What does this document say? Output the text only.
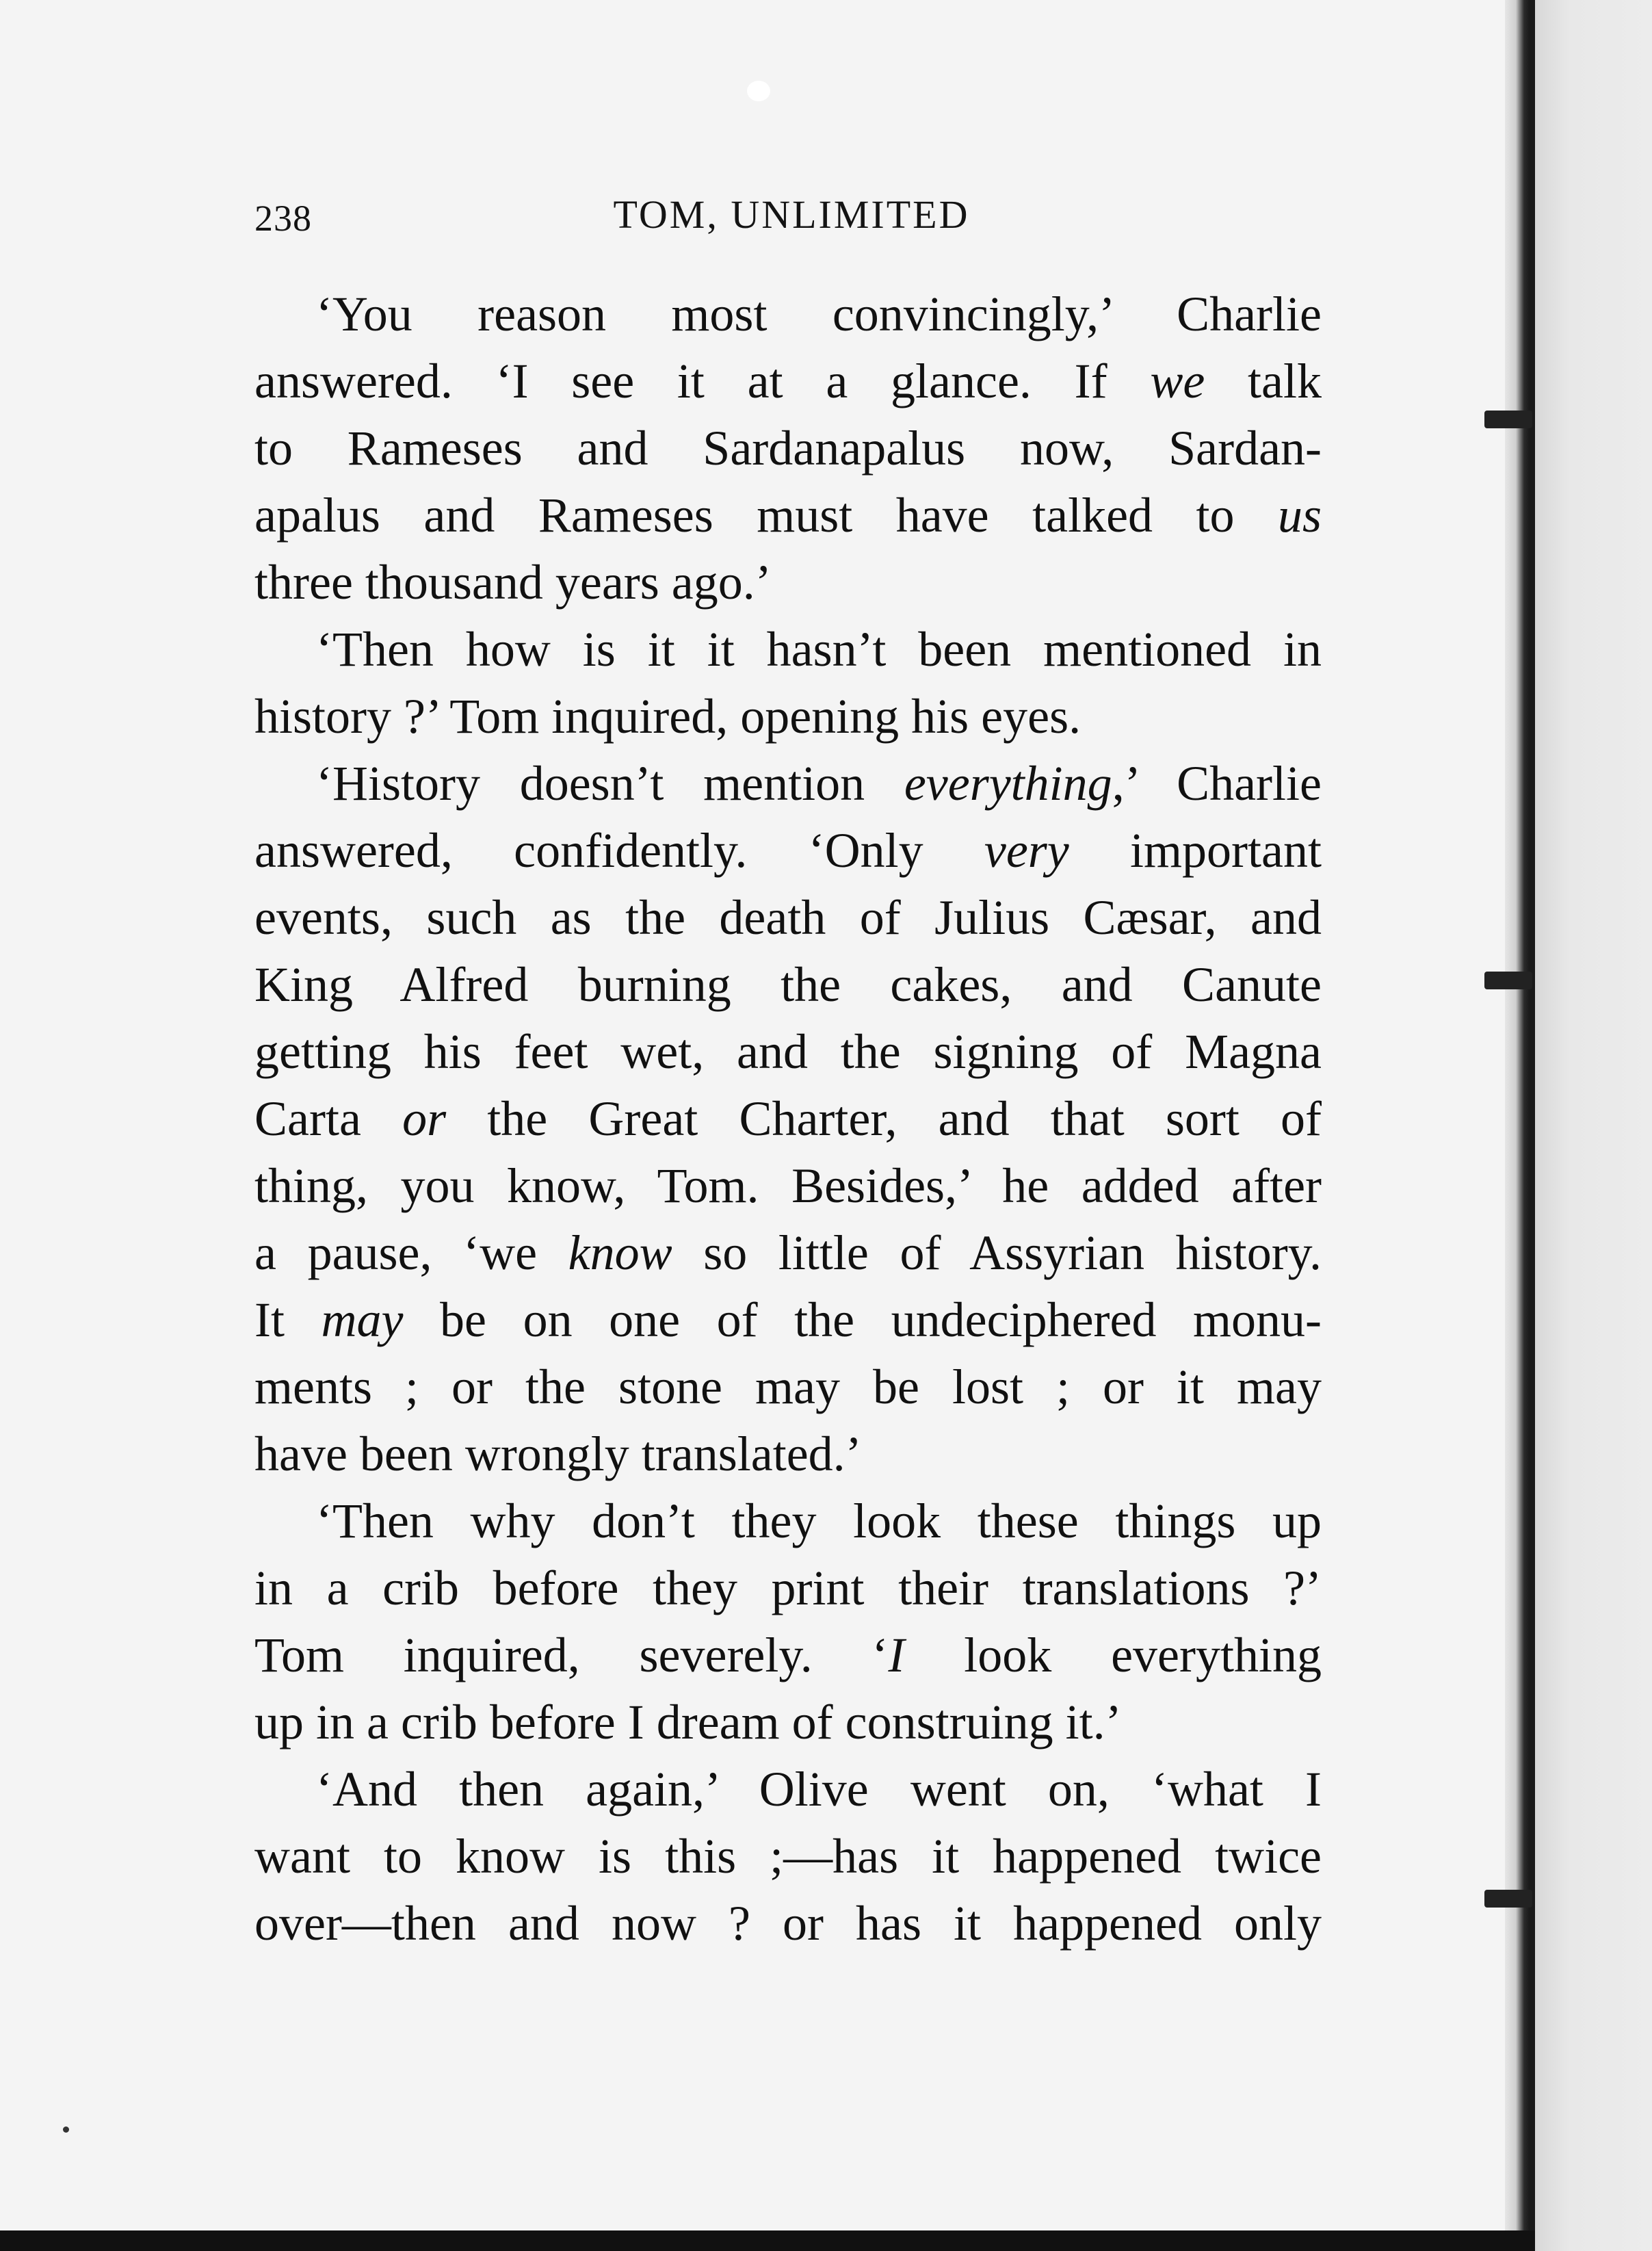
238	TOM, UNLIMITED
‘You reason most convincingly,’ Charlie
answered. ‘I see it at a glance. If we talk
to Rameses and Sardanapalus now, Sardan-
apalus and Rameses must have talked to us
three thousand years ago.’
‘Then how is it it hasn’t been mentioned in
history ?’ Tom inquired, opening his eyes.
‘History doesn’t mention everything,’ Charlie
answered, confidently. ‘Only very important
events, such as the death of Julius Cæsar, and
King Alfred burning the cakes, and Canute
getting his feet wet, and the signing of Magna
Carta or the Great Charter, and that sort of
thing, you know, Tom. Besides,’ he added after
a pause, ‘we know so little of Assyrian history.
It may be on one of the undeciphered monu-
ments ; or the stone may be lost ; or it may
have been wrongly translated.’
‘Then why don’t they look these things up
in a crib before they print their translations ?’
Tom inquired, severely. ‘I look everything
up in a crib before I dream of construing it.’
‘And then again,’ Olive went on, ‘what I
want to know is this ;—has it happened twice
over—then and now ? or has it happened only
